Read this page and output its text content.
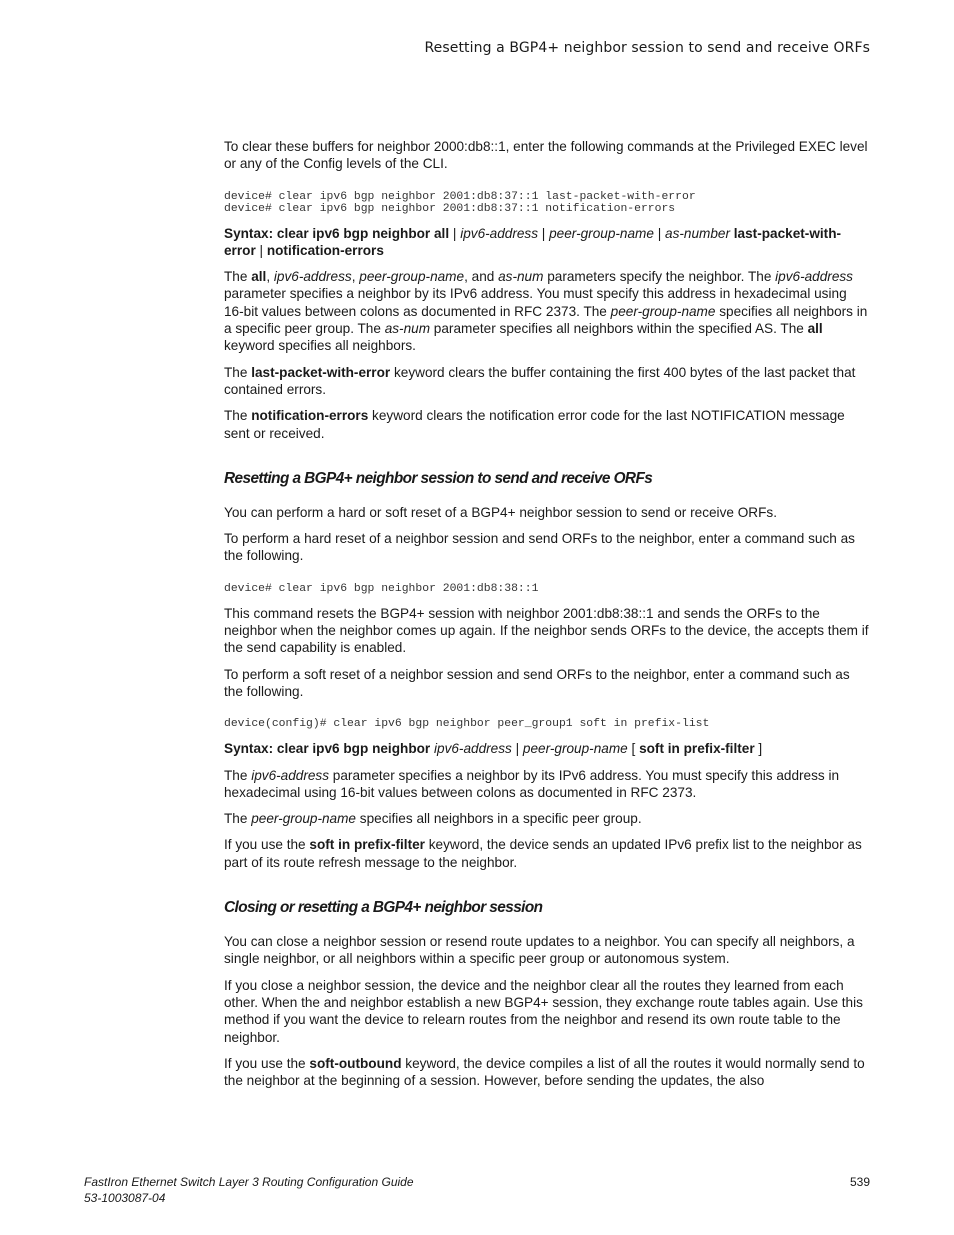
Resetting a BGP4+ neighbor session to send and receive ORFs

To clear these buffers for neighbor 2000:db8::1, enter the following commands at the Privileged EXEC level or any of the Config levels of the CLI.

device# clear ipv6 bgp neighbor 2001:db8:37::1 last-packet-with-error
device# clear ipv6 bgp neighbor 2001:db8:37::1 notification-errors

Syntax: clear ipv6 bgp neighbor all | ipv6-address | peer-group-name | as-number last-packet-with-error | notification-errors

The all, ipv6-address, peer-group-name, and as-num parameters specify the neighbor. The ipv6-address parameter specifies a neighbor by its IPv6 address. You must specify this address in hexadecimal using 16-bit values between colons as documented in RFC 2373. The peer-group-name specifies all neighbors in a specific peer group. The as-num parameter specifies all neighbors within the specified AS. The all keyword specifies all neighbors.

The last-packet-with-error keyword clears the buffer containing the first 400 bytes of the last packet that contained errors.

The notification-errors keyword clears the notification error code for the last NOTIFICATION message sent or received.

Resetting a BGP4+ neighbor session to send and receive ORFs

You can perform a hard or soft reset of a BGP4+ neighbor session to send or receive ORFs.

To perform a hard reset of a neighbor session and send ORFs to the neighbor, enter a command such as the following.

device# clear ipv6 bgp neighbor 2001:db8:38::1

This command resets the BGP4+ session with neighbor 2001:db8:38::1 and sends the ORFs to the neighbor when the neighbor comes up again. If the neighbor sends ORFs to the device, the accepts them if the send capability is enabled.

To perform a soft reset of a neighbor session and send ORFs to the neighbor, enter a command such as the following.

device(config)# clear ipv6 bgp neighbor peer_group1 soft in prefix-list

Syntax: clear ipv6 bgp neighbor ipv6-address | peer-group-name [ soft in prefix-filter ]

The ipv6-address parameter specifies a neighbor by its IPv6 address. You must specify this address in hexadecimal using 16-bit values between colons as documented in RFC 2373.

The peer-group-name specifies all neighbors in a specific peer group.

If you use the soft in prefix-filter keyword, the device sends an updated IPv6 prefix list to the neighbor as part of its route refresh message to the neighbor.

Closing or resetting a BGP4+ neighbor session

You can close a neighbor session or resend route updates to a neighbor. You can specify all neighbors, a single neighbor, or all neighbors within a specific peer group or autonomous system.

If you close a neighbor session, the device and the neighbor clear all the routes they learned from each other. When the and neighbor establish a new BGP4+ session, they exchange route tables again. Use this method if you want the device to relearn routes from the neighbor and resend its own route table to the neighbor.

If you use the soft-outbound keyword, the device compiles a list of all the routes it would normally send to the neighbor at the beginning of a session. However, before sending the updates, the also

FastIron Ethernet Switch Layer 3 Routing Configuration Guide
53-1003087-04
539
